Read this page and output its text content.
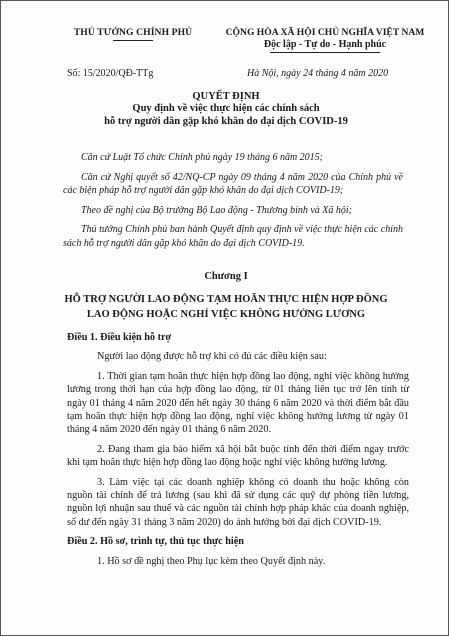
THỦ TƯỚNG CHÍNH PHỦ	CỘNG HÒA XÃ HỘI CHỦ NGHĨA VIỆT NAM
Độc lập - Tự do - Hạnh phúc
Số: 15/2020/QĐ-TTg	Hà Nội, ngày 24 tháng 4 năm 2020
QUYẾT ĐỊNH
Quy định về việc thực hiện các chính sách
hỗ trợ người dân gặp khó khăn do đại dịch COVID-19

Căn cứ Luật Tổ chức Chính phủ ngày 19 tháng 6 năm 2015;

Căn cứ Nghị quyết số 42/NQ-CP ngày 09 tháng 4 năm 2020 của Chính phủ về các biện pháp hỗ trợ người dân gặp khó khăn do đại dịch COVID-19;

Theo đề nghị của Bộ trưởng Bộ Lao động - Thương binh và Xã hội;

Thủ tướng Chính phủ ban hành Quyết định quy định về việc thực hiện các chính sách hỗ trợ người dân gặp khó khăn do đại dịch COVID-19.

Chương I
HỖ TRỢ NGƯỜI LAO ĐỘNG TẠM HOÃN THỰC HIỆN HỢP ĐỒNG
LAO ĐỘNG HOẶC NGHỈ VIỆC KHÔNG HƯỞNG LƯƠNG

Điều 1. Điều kiện hỗ trợ

Người lao động được hỗ trợ khi có đủ các điều kiện sau:

1. Thời gian tạm hoãn thực hiện hợp đồng lao động, nghỉ việc không hưởng lương trong thời hạn của hợp đồng lao động, từ 01 tháng liên tục trở lên tính từ ngày 01 tháng 4 năm 2020 đến hết ngày 30 tháng 6 năm 2020 và thời điểm bắt đầu tạm hoãn thực hiện hợp đồng lao động, nghỉ việc không hưởng lương từ ngày 01 tháng 4 năm 2020 đến ngày 01 tháng 6 năm 2020.

2. Đang tham gia bảo hiểm xã hội bắt buộc tính đến thời điểm ngay trước khi tạm hoãn thực hiện hợp đồng lao động hoặc nghỉ việc không hưởng lương.

3. Làm việc tại các doanh nghiệp không có doanh thu hoặc không còn nguồn tài chính để trả lương (sau khi đã sử dụng các quỹ dự phòng tiền lương, nguồn lợi nhuận sau thuế và các nguồn tài chính hợp pháp khác của doanh nghiệp, số dư đến ngày 31 tháng 3 năm 2020) do ảnh hưởng bởi đại dịch COVID-19.

Điều 2. Hồ sơ, trình tự, thủ tục thực hiện

1. Hồ sơ đề nghị theo Phụ lục kèm theo Quyết định này.
